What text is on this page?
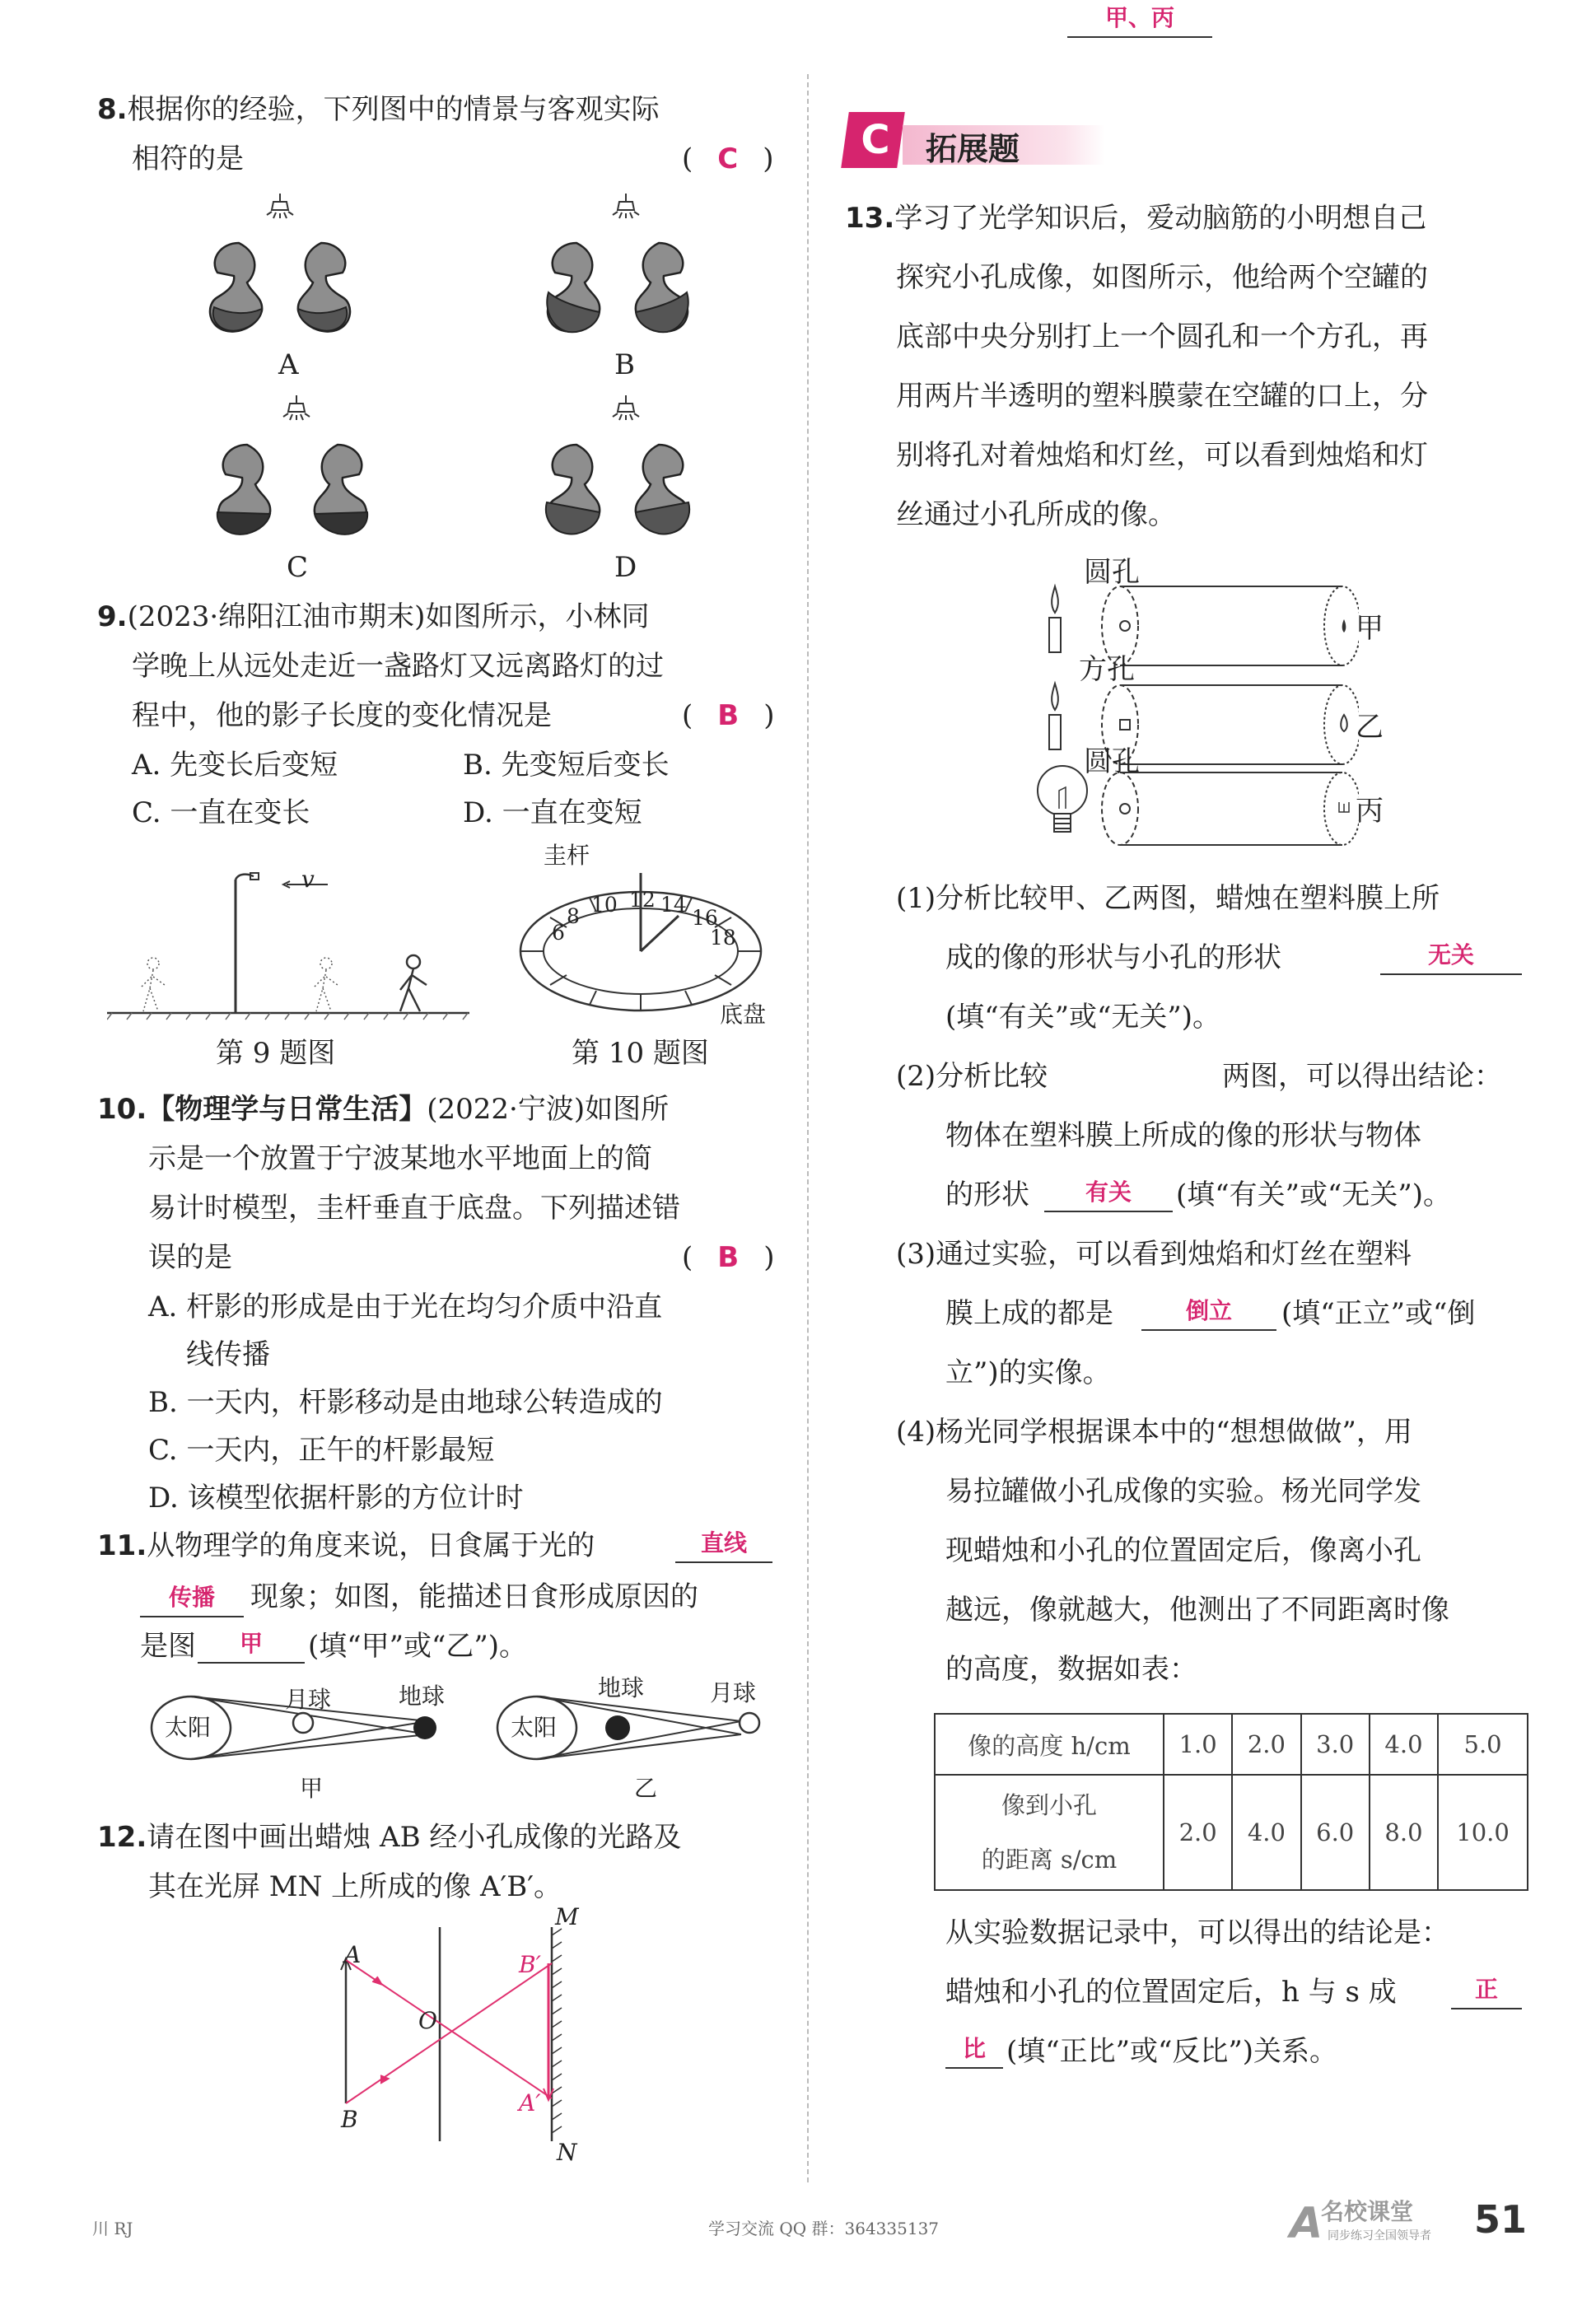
8.根据你的经验，下列图中的情景与客观实际
相符的是	( C )
A	B
C	D
9.(2023·绵阳江油市期末)如图所示，小林同
学晚上从远处走近一盏路灯又远离路灯的过
程中，他的影子长度的变化情况是	( B )
A. 先变长后变短	B. 先变短后变长
C. 一直在变长	D. 一直在变短
v
第 9 题图
圭杆
6
8 10 12 14
16
18
底盘
第 10 题图
10.【物理学与日常生活】(2022·宁波)如图所
示是一个放置于宁波某地水平地面上的简
易计时模型，圭杆垂直于底盘。下列描述错
误的是	( B )
A. 杆影的形成是由于光在均匀介质中沿直
线传播
B. 一天内，杆影移动是由地球公转造成的
C. 一天内，正午的杆影最短
D. 该模型依据杆影的方位计时
11.从物理学的角度来说，日食属于光的	直线
传播	现象；如图，能描述日食形成原因的
是图	甲	(填“甲”或“乙”)。
太阳
月球	地球
太阳
地球	月球
甲	乙
12.请在图中画出蜡烛 AB 经小孔成像的光路及
其在光屏 MN 上所成的像 A′B′。
A
B
O
M
N
B′
A′
C 拓展题
13.学习了光学知识后，爱动脑筋的小明想自己
探究小孔成像，如图所示，他给两个空罐的
底部中央分别打上一个圆孔和一个方孔，再
用两片半透明的塑料膜蒙在空罐的口上，分
别将孔对着烛焰和灯丝，可以看到烛焰和灯
丝通过小孔所成的像。
圆孔
方孔
圆孔
甲
乙
丙
(1)分析比较甲、乙两图，蜡烛在塑料膜上所
成的像的形状与小孔的形状	无关
(填“有关”或“无关”)。
(2)分析比较
甲、丙
两图，可以得出结论：
物体在塑料膜上所成的像的形状与物体
的形状	有关	(填“有关”或“无关”)。
(3)通过实验，可以看到烛焰和灯丝在塑料
膜上成的都是	倒立	(填“正立”或“倒
立”)的实像。
(4)杨光同学根据课本中的“想想做做”，用
易拉罐做小孔成像的实验。杨光同学发
现蜡烛和小孔的位置固定后，像离小孔
越远，像就越大，他测出了不同距离时像
的高度，数据如表：
像的高度 h/cm	1.0	2.0	3.0	4.0	5.0
像到小孔
的距离 s/cm	2.0	4.0	6.0	8.0	10.0
从实验数据记录中，可以得出的结论是：
蜡烛和小孔的位置固定后，h 与 s 成	正
比 (填“正比”或“反比”)关系。
川 RJ	学习交流 QQ 群：364335137	A
名校课堂
同步练习全国领导者 51
